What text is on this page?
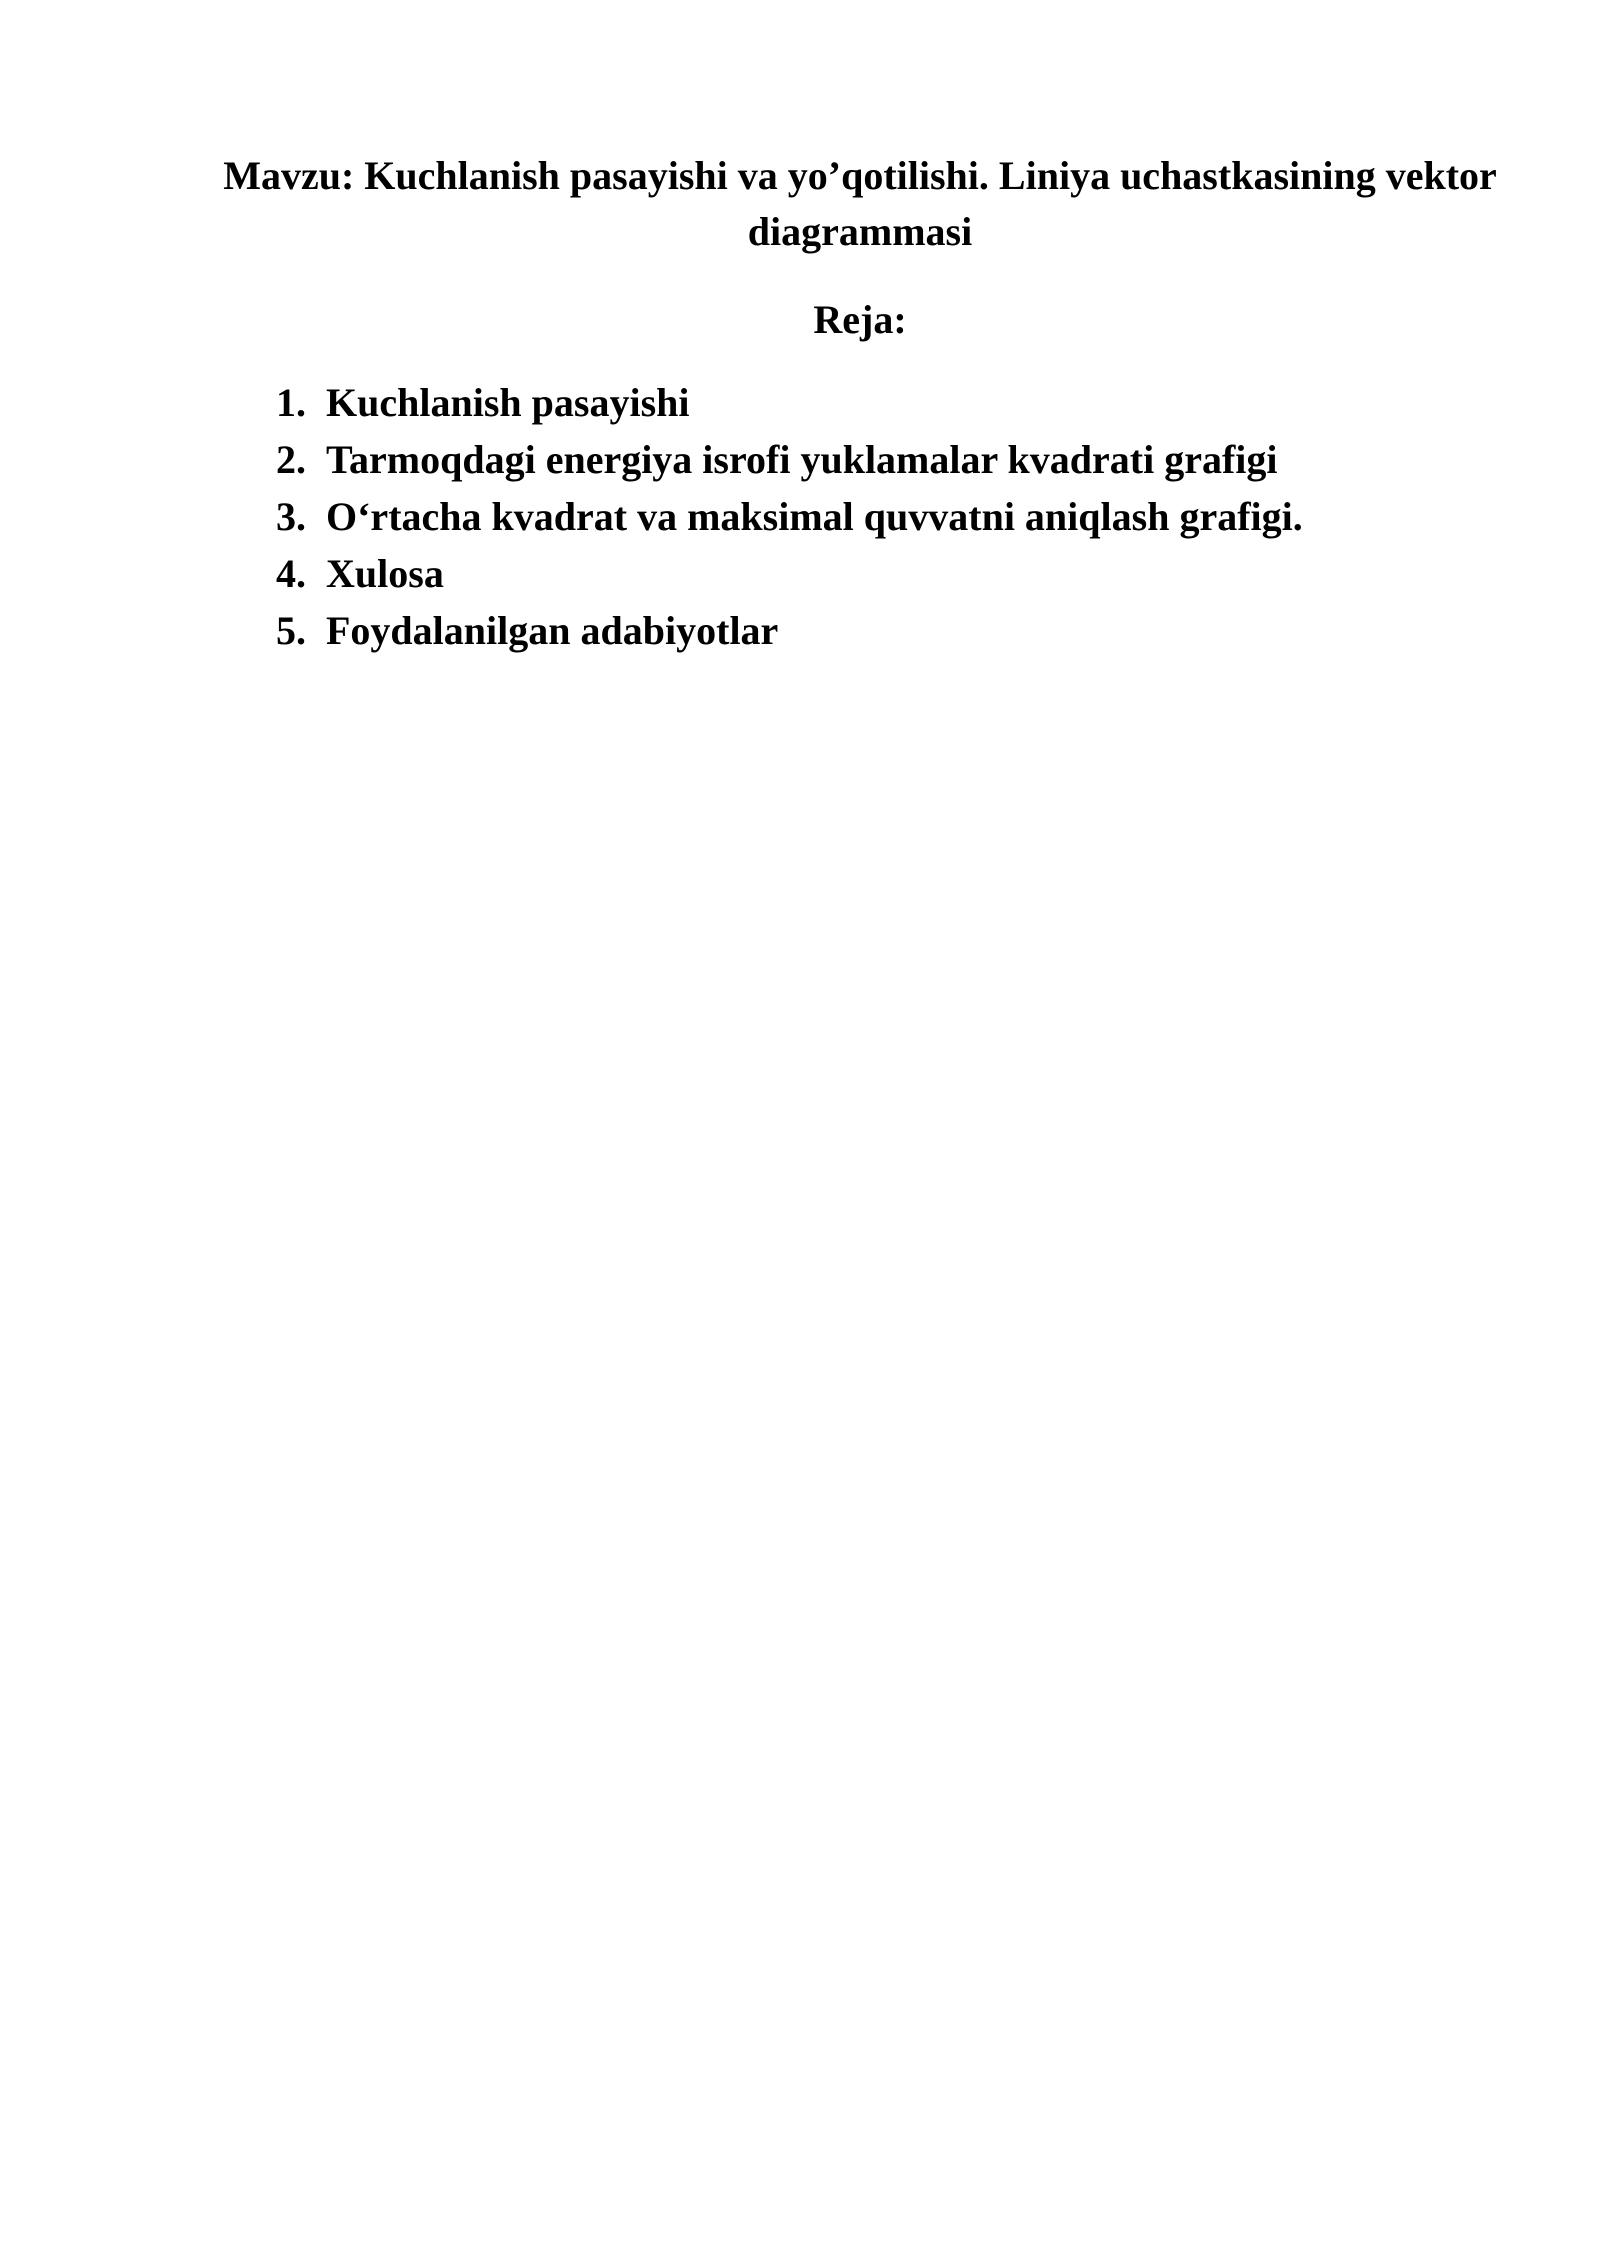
Mavzu: Kuchlanish pasayishi va yo’qotilishi. Liniya uchastkasining vektor diagrammasi
Reja:
1. Kuchlanish pasayishi
2. Tarmoqdagi energiya isrofi yuklamalar kvadrati grafigi
3. O‘rtacha kvadrat va maksimal quvvatni aniqlash grafigi.
4. Xulosa
5. Foydalanilgan adabiyotlar
